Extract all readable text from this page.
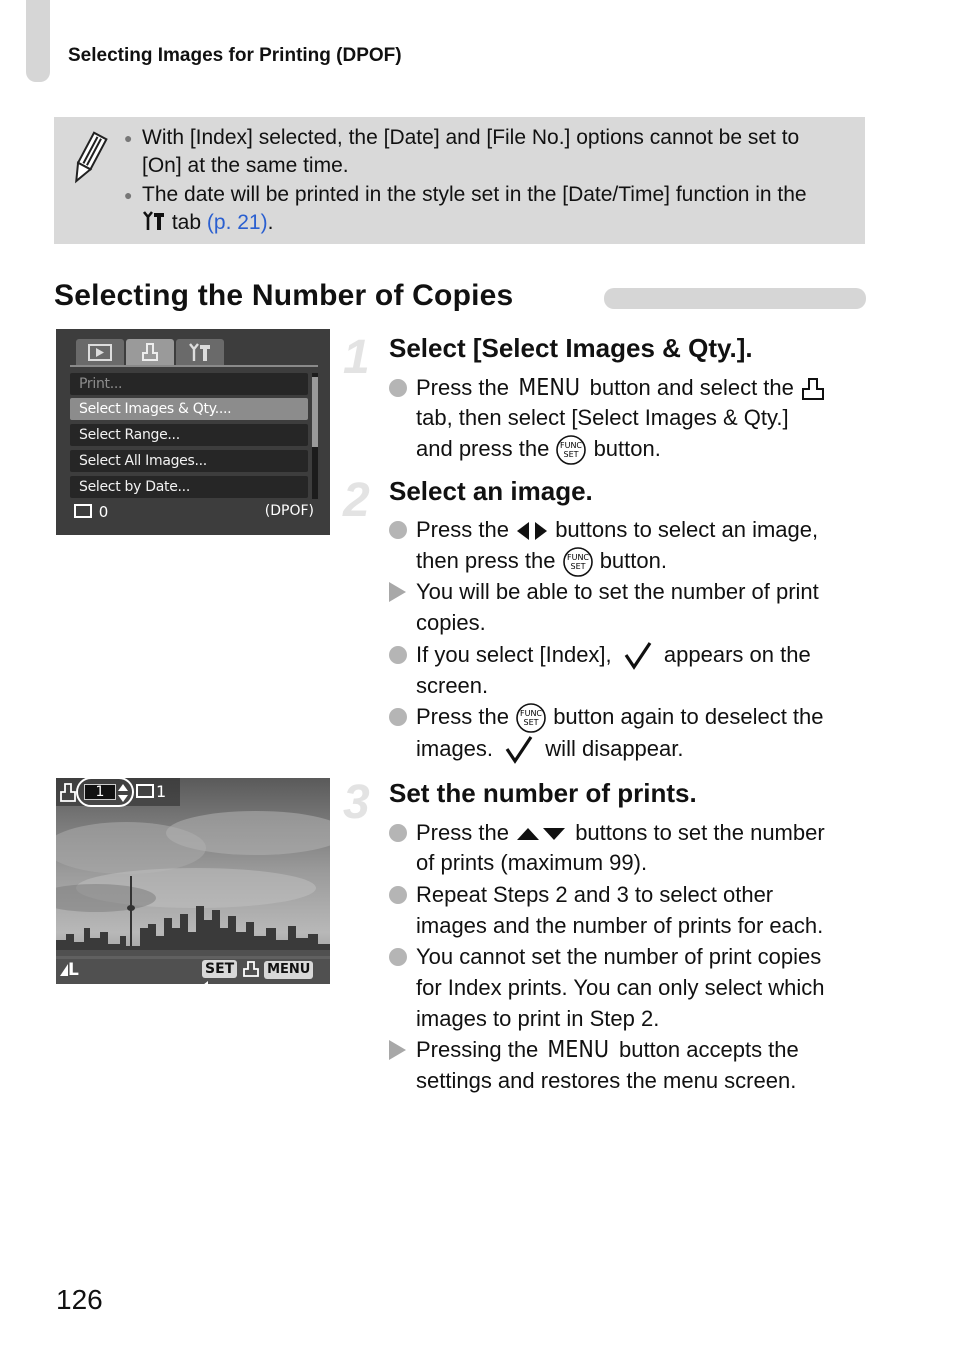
Selecting Images for Printing (DPOF)
● With [Index] selected, the [Date] and [File No.] options cannot be set to
[On] at the same time.
● The date will be printed in the style set in the [Date/Time] function in the
tab (p. 21).
Selecting the Number of Copies
Print...
Select Images & Qty....
Select Range...
Select All Images...
Select by Date...
0	(DPOF)
1	1
L	SET	MENU
1 Select [Select Images & Qty.].
Press the MENU button and select the
tab, then select [Select Images & Qty.]
and press the FUNC
SET button.
2 Select an image.
Press the buttons to select an image,
then press the FUNC
SET button.
You will be able to set the number of print
copies.
If you select [Index], appears on the
screen.
Press the FUNC
SET button again to deselect the
images. will disappear.
3 Set the number of prints.
Press the	buttons to set the number
of prints (maximum 99).
Repeat Steps 2 and 3 to select other
images and the number of prints for each.
You cannot set the number of print copies
for Index prints. You can only select which
images to print in Step 2.
Pressing the MENU button accepts the
settings and restores the menu screen.
126
